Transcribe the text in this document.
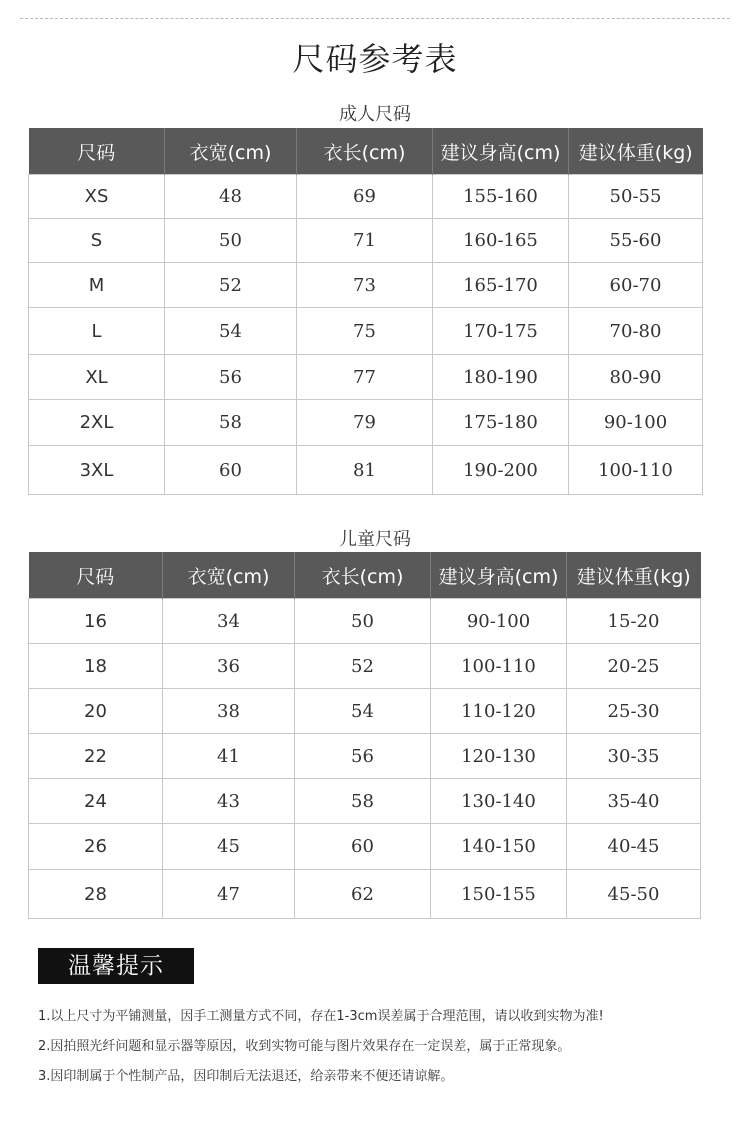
尺码参考表
成人尺码
尺码	衣宽(cm)	衣长(cm)	建议身高(cm)	建议体重(kg)
XS	48	69	155-160	50-55
S	50	71	160-165	55-60
M	52	73	165-170	60-70
L	54	75	170-175	70-80
XL	56	77	180-190	80-90
2XL	58	79	175-180	90-100
3XL	60	81	190-200	100-110
儿童尺码
尺码	衣宽(cm)	衣长(cm)	建议身高(cm)	建议体重(kg)
16	34	50	90-100	15-20
18	36	52	100-110	20-25
20	38	54	110-120	25-30
22	41	56	120-130	30-35
24	43	58	130-140	35-40
26	45	60	140-150	40-45
28	47	62	150-155	45-50
温馨提示
1.以上尺寸为平铺测量，因手工测量方式不同，存在1-3cm误差属于合理范围，请以收到实物为准!
2.因拍照光纤问题和显示器等原因，收到实物可能与图片效果存在一定误差，属于正常现象。
3.因印制属于个性制产品，因印制后无法退还，给亲带来不便还请谅解。
